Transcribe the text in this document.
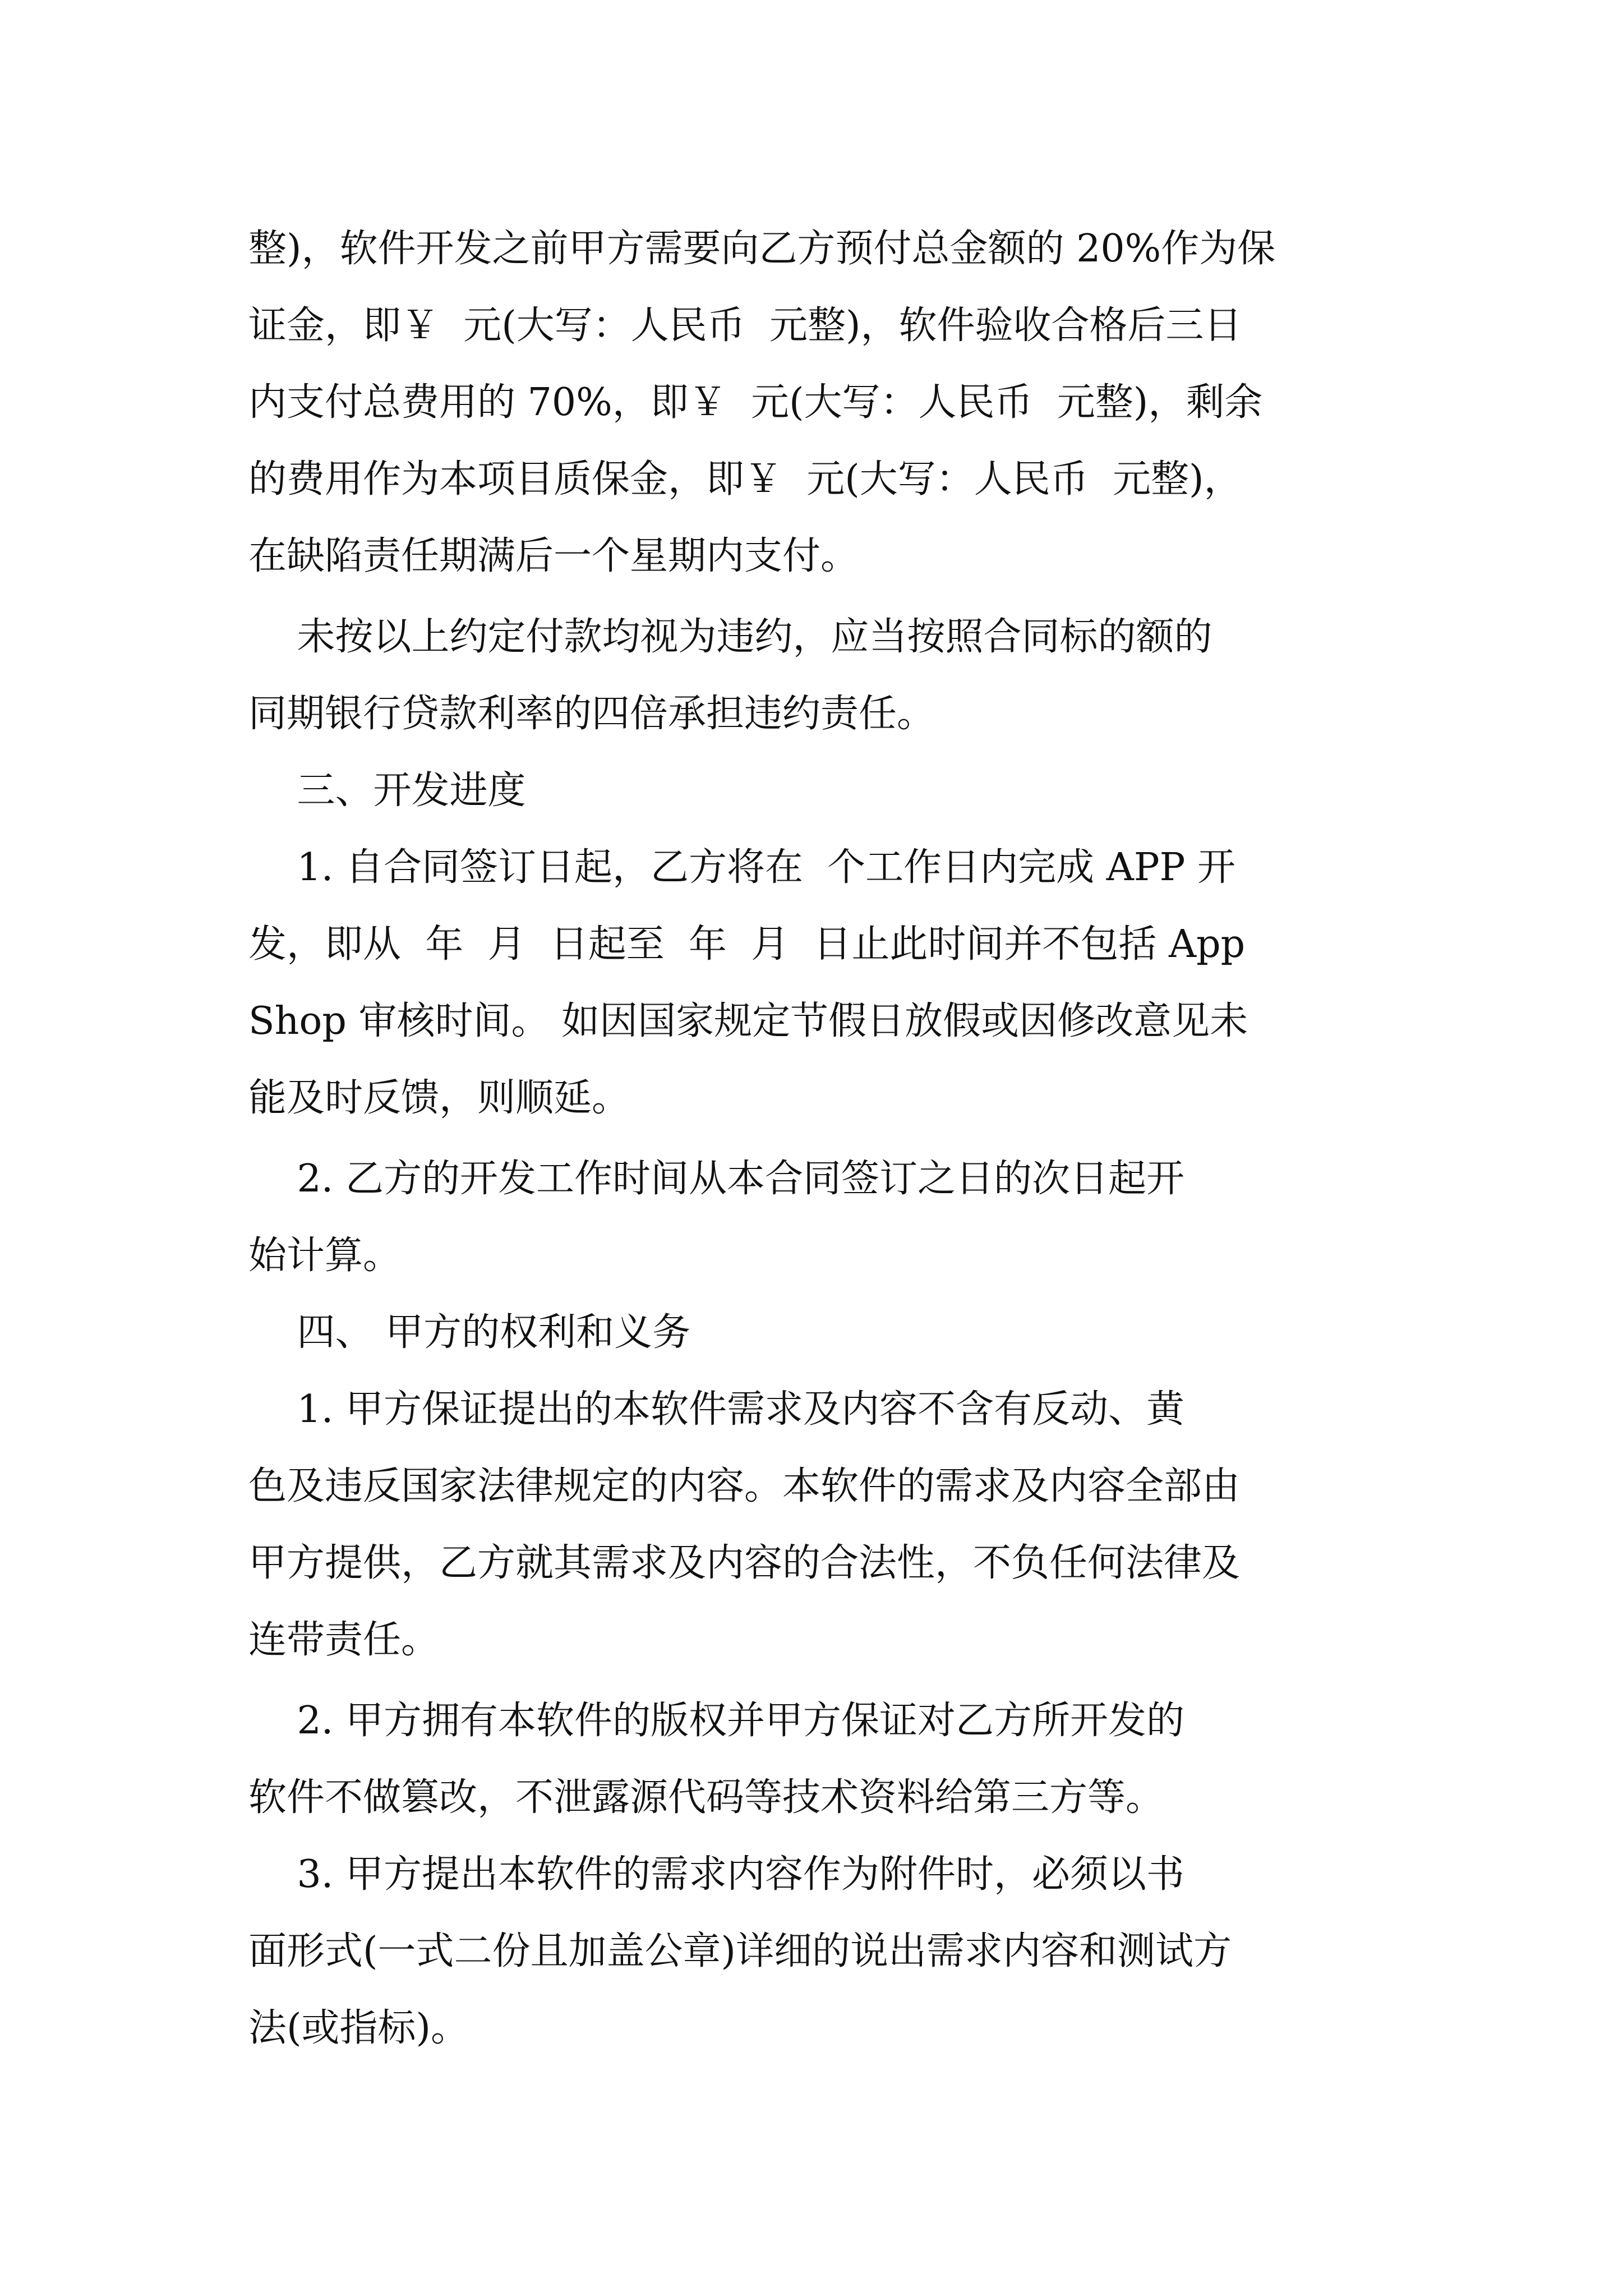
整)，软件开发之前甲方需要向乙方预付总金额的 20%作为保

证金，即￥  元(大写：人民币  元整)，软件验收合格后三日

内支付总费用的 70%，即￥  元(大写：人民币  元整)，剩余

的费用作为本项目质保金，即￥  元(大写：人民币  元整)，

在缺陷责任期满后一个星期内支付。

未按以上约定付款均视为违约，应当按照合同标的额的

同期银行贷款利率的四倍承担违约责任。

三、开发进度

1. 自合同签订日起，乙方将在  个工作日内完成 APP 开

发，即从  年  月  日起至  年  月  日止此时间并不包括 App

Shop 审核时间。 如因国家规定节假日放假或因修改意见未

能及时反馈，则顺延。

2. 乙方的开发工作时间从本合同签订之日的次日起开

始计算。

四、 甲方的权利和义务

1. 甲方保证提出的本软件需求及内容不含有反动、黄

色及违反国家法律规定的内容。本软件的需求及内容全部由

甲方提供，乙方就其需求及内容的合法性，不负任何法律及

连带责任。

2. 甲方拥有本软件的版权并甲方保证对乙方所开发的

软件不做篡改，不泄露源代码等技术资料给第三方等。

3. 甲方提出本软件的需求内容作为附件时，必须以书

面形式(一式二份且加盖公章)详细的说出需求内容和测试方

法(或指标)。
